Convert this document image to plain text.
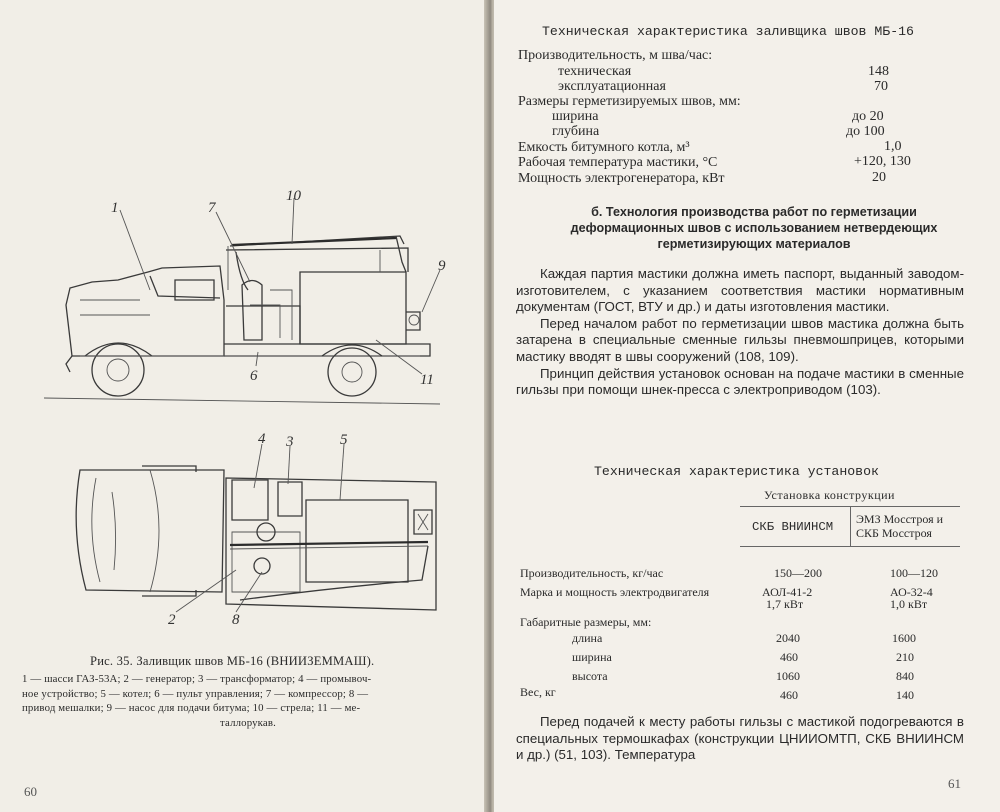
1	7
10
9
6	11
4 3	5
2	8
Рис. 35. Заливщик швов МБ-16 (ВНИИЗЕММАШ).
1 — шасси ГАЗ-53А; 2 — генератор; 3 — трансформатор; 4 — промывоч-
ное устройство; 5 — котел; 6 — пульт управления; 7 — компрессор; 8 —
привод мешалки; 9 — насос для подачи битума; 10 — стрела; 11 — ме-
таллорукав.
60
Техническая характеристика заливщика швов МБ-16
Производительность, м шва/час:
техническая	148
эксплуатационная	70
Размеры герметизируемых швов, мм:
ширина	до 20
глубина	до 100
Емкость битумного котла, м³	1,0
Рабочая температура мастики, °С	+120, 130
Мощность электрогенератора, кВт	20
б. Технология производства работ по герметизации
деформационных швов с использованием нетвердеющих
герметизирующих материалов

Каждая партия мастики должна иметь паспорт, выданный заводом-изготовителем, с указанием соответствия мастики нормативным документам (ГОСТ, ВТУ и др.) и даты изготовления мастики.

Перед началом работ по герметизации швов мастика должна быть затарена в специальные сменные гильзы пневмошприцев, которыми мастику вводят в швы сооружений (108, 109).

Принцип действия установок основан на подаче мастики в сменные гильзы при помощи шнек-пресса с электроприводом (103).

Техническая характеристика установок
Установка конструкции
СКБ ВНИИНСМ
ЭМЗ Мосстроя и
СКБ Мосстроя
Производительность, кг/час	150—200	100—120
Марка и мощность электродвигателя	АОЛ-41-2	АО-32-4
1,7 кВт	1,0 кВт
Габаритные размеры, мм:
длина	2040	1600
ширина	460	210
высота	1060	840
Вес, кг	460	140

Перед подачей к месту работы гильзы с мастикой подогреваются в специальных термошкафах (конструкции ЦНИИОМТП, СКБ ВНИИНСМ и др.) (51, 103). Температура

61
